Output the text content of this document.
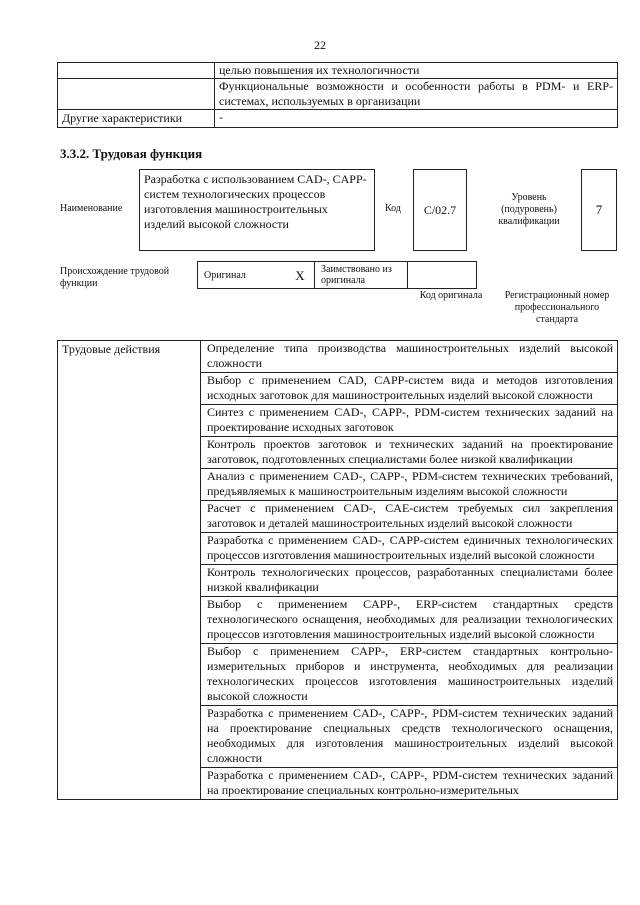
22
	целью повышения их технологичности
	Функциональные возможности и особенности работы в PDM- и ERP-системах, используемых в организации
Другие характеристики	-
3.3.2. Трудовая функция
Наименование
Разработка с использованием CAD-, CAPP-систем технологических процессов изготовления машиностроительных изделий высокой сложности
Код C/02.7
Уровень (подуровень) квалификации
7
Происхождение трудовой функции
Оригинал	X	Заимствовано из оригинала		
Код оригинала	Регистрационный номер профессионального стандарта
Трудовые действия	Определение типа производства машиностроительных изделий высокой сложности
Выбор с применением CAD, CAPP-систем вида и методов изготовления исходных заготовок для машиностроительных изделий высокой сложности
Синтез с применением CAD-, CAPP-, PDM-систем технических заданий на проектирование исходных заготовок
Контроль проектов заготовок и технических заданий на проектирование заготовок, подготовленных специалистами более низкой квалификации
Анализ с применением CAD-, CAPP-, PDM-систем технических требований, предъявляемых к машиностроительным изделиям высокой сложности
Расчет с применением CAD-, CAE-систем требуемых сил закрепления заготовок и деталей машиностроительных изделий высокой сложности
Разработка с применением CAD-, CAPP-систем единичных технологических процессов изготовления машиностроительных изделий высокой сложности
Контроль технологических процессов, разработанных специалистами более низкой квалификации
Выбор с применением CAPP-, ERP-систем стандартных средств технологического оснащения, необходимых для реализации технологических процессов изготовления машиностроительных изделий высокой сложности
Выбор с применением CAPP-, ERP-систем стандартных контрольно-измерительных приборов и инструмента, необходимых для реализации технологических процессов изготовления машиностроительных изделий высокой сложности
Разработка с применением CAD-, CAPP-, PDM-систем технических заданий на проектирование специальных средств технологического оснащения, необходимых для изготовления машиностроительных изделий высокой сложности
Разработка с применением CAD-, CAPP-, PDM-систем технических заданий на проектирование специальных контрольно-измерительных
